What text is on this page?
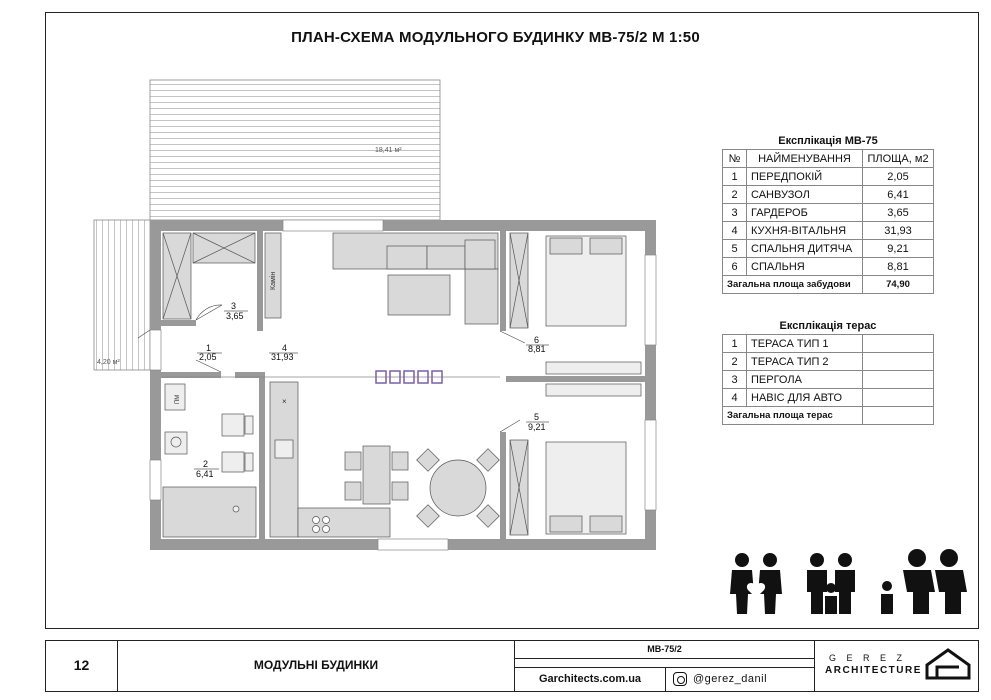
ПЛАН-СХЕМА МОДУЛЬНОГО БУДИНКУ МВ-75/2 М 1:50
18,41 м²
4,20 м²
Камін
ПМ	×
3
3,65
1
2,05
4
31,93
6
8,81
5
9,21
2
6,41
Експлікація МВ-75
№	НАЙМЕНУВАННЯ	ПЛОЩА, м2
1	ПЕРЕДПОКІЙ	2,05
2	САНВУЗОЛ	6,41
3	ГАРДЕРОБ	3,65
4	КУХНЯ-ВІТАЛЬНЯ	31,93
5	СПАЛЬНЯ ДИТЯЧА	9,21
6	СПАЛЬНЯ	8,81
Загальна площа забудови		74,90
Експлікація терас
1	ТЕРАСА ТИП 1	
2	ТЕРАСА ТИП 2	
3	ПЕРГОЛА	
4	НАВІС ДЛЯ АВТО	
Загальна площа терас		
12	МОДУЛЬНІ БУДИНКИ
МВ-75/2
Garchitects.com.ua	@gerez_danil
G E R E Z
ARCHITECTURE
